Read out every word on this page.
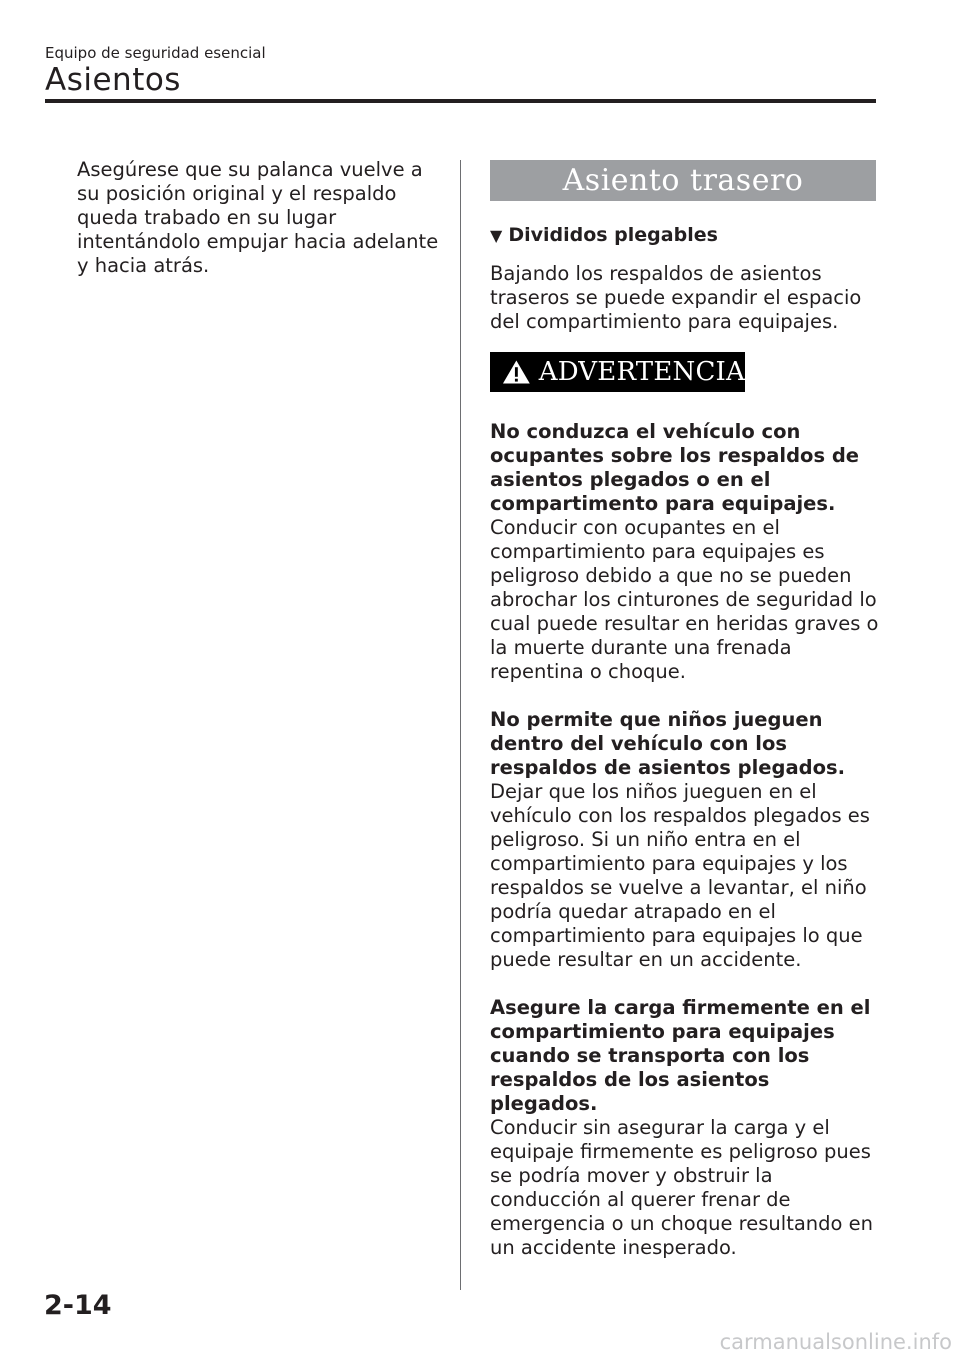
Equipo de seguridad esencial
Asientos
Asegúrese que su palanca vuelve a su posición original y el respaldo queda trabado en su lugar intentándolo empujar hacia adelante y hacia atrás.
Asiento trasero
▼ Divididos plegables
Bajando los respaldos de asientos traseros se puede expandir el espacio del compartimiento para equipajes.
ADVERTENCIA
No conduzca el vehículo con ocupantes sobre los respaldos de asientos plegados o en el compartimento para equipajes.
Conducir con ocupantes en el compartimiento para equipajes es peligroso debido a que no se pueden abrochar los cinturones de seguridad lo cual puede resultar en heridas graves o la muerte durante una frenada repentina o choque.
No permite que niños jueguen dentro del vehículo con los respaldos de asientos plegados.
Dejar que los niños jueguen en el vehículo con los respaldos plegados es peligroso. Si un niño entra en el compartimiento para equipajes y los respaldos se vuelve a levantar, el niño podría quedar atrapado en el compartimiento para equipajes lo que puede resultar en un accidente.
Asegure la carga firmemente en el compartimiento para equipajes cuando se transporta con los respaldos de los asientos plegados.
Conducir sin asegurar la carga y el equipaje firmemente es peligroso pues se podría mover y obstruir la conducción al querer frenar de emergencia o un choque resultando en un accidente inesperado.
2-14
carmanualsonline.info
